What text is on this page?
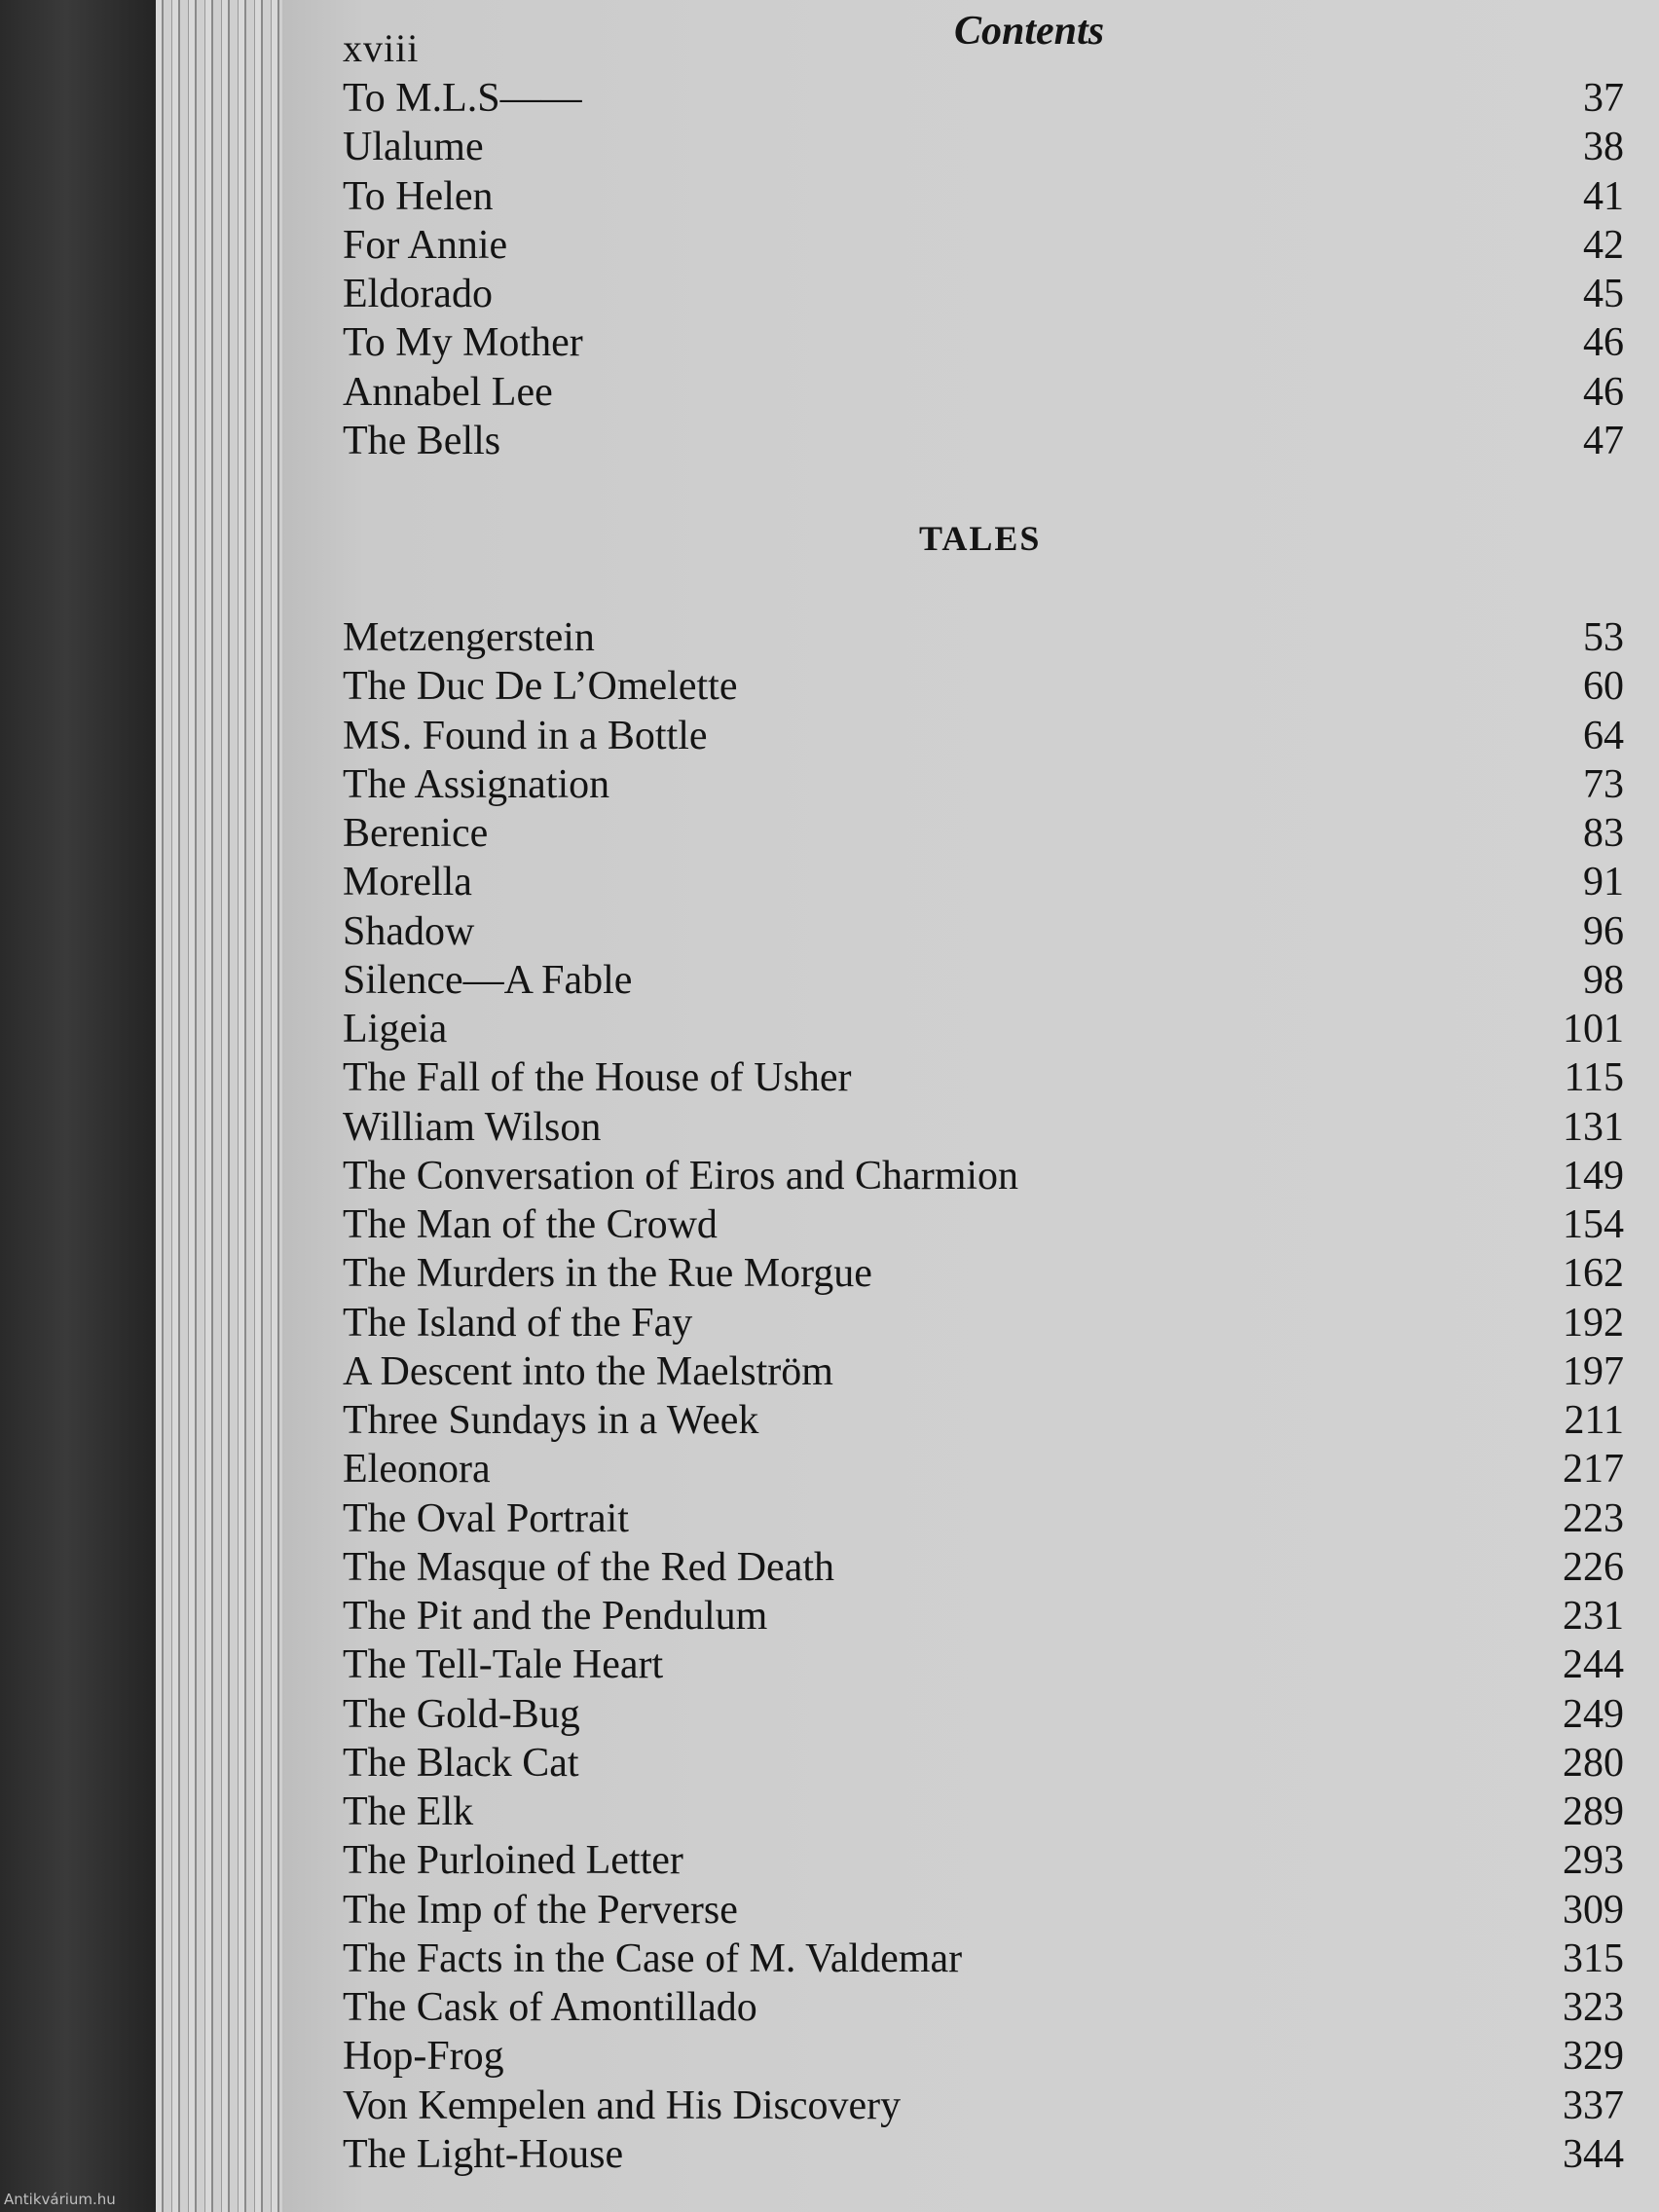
xviii	Contents
To M.L.S——	37
Ulalume	38
To Helen	41
For Annie	42
Eldorado	45
To My Mother	46
Annabel Lee	46
The Bells	47
TALES
Metzengerstein	53
The Duc De L’Omelette	60
MS. Found in a Bottle	64
The Assignation	73
Berenice	83
Morella	91
Shadow	96
Silence—A Fable	98
Ligeia	101
The Fall of the House of Usher	115
William Wilson	131
The Conversation of Eiros and Charmion	149
The Man of the Crowd	154
The Murders in the Rue Morgue	162
The Island of the Fay	192
A Descent into the Maelström	197
Three Sundays in a Week	211
Eleonora	217
The Oval Portrait	223
The Masque of the Red Death	226
The Pit and the Pendulum	231
The Tell-Tale Heart	244
The Gold-Bug	249
The Black Cat	280
The Elk	289
The Purloined Letter	293
The Imp of the Perverse	309
The Facts in the Case of M. Valdemar	315
The Cask of Amontillado	323
Hop-Frog	329
Von Kempelen and His Discovery	337
The Light-House	344
Antikvárium.hu
